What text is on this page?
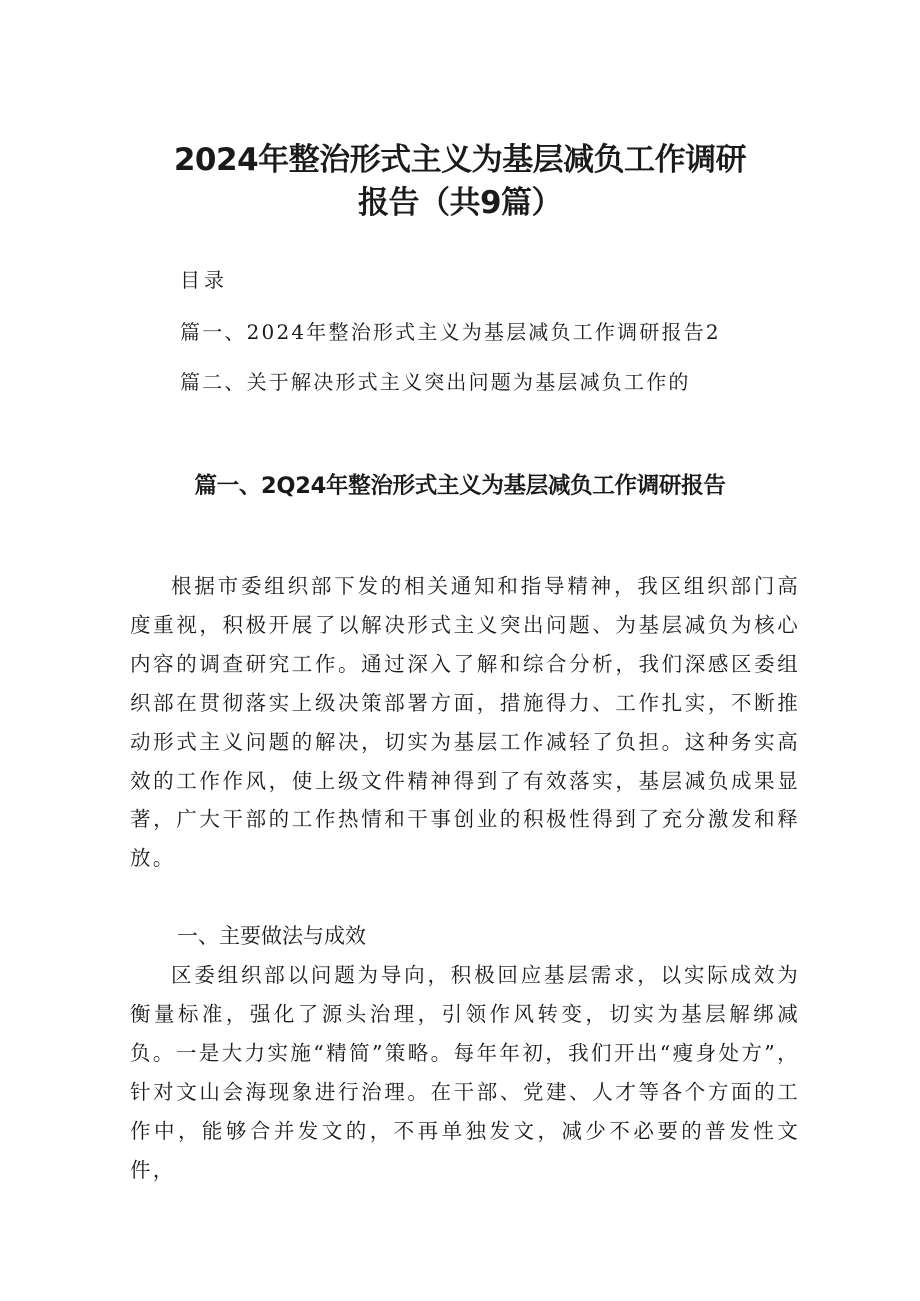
2024年整治形式主义为基层减负工作调研
报告（共9篇）
目录
篇一、2024年整治形式主义为基层减负工作调研报告2
篇二、关于解决形式主义突出问题为基层减负工作的
篇一、2Q24年整治形式主义为基层减负工作调研报告

根据市委组织部下发的相关通知和指导精神，我区组织部门高度重视，积极开展了以解决形式主义突出问题、为基层减负为核心内容的调查研究工作。通过深入了解和综合分析，我们深感区委组织部在贯彻落实上级决策部署方面，措施得力、工作扎实，不断推动形式主义问题的解决，切实为基层工作减轻了负担。这种务实高效的工作作风，使上级文件精神得到了有效落实，基层减负成果显著，广大干部的工作热情和干事创业的积极性得到了充分激发和释放。

一、主要做法与成效

区委组织部以问题为导向，积极回应基层需求，以实际成效为衡量标准，强化了源头治理，引领作风转变，切实为基层解绑减负。一是大力实施“精简”策略。每年年初，我们开出“瘦身处方”，针对文山会海现象进行治理。在干部、党建、人才等各个方面的工作中，能够合并发文的，不再单独发文，减少不必要的普发性文件，
